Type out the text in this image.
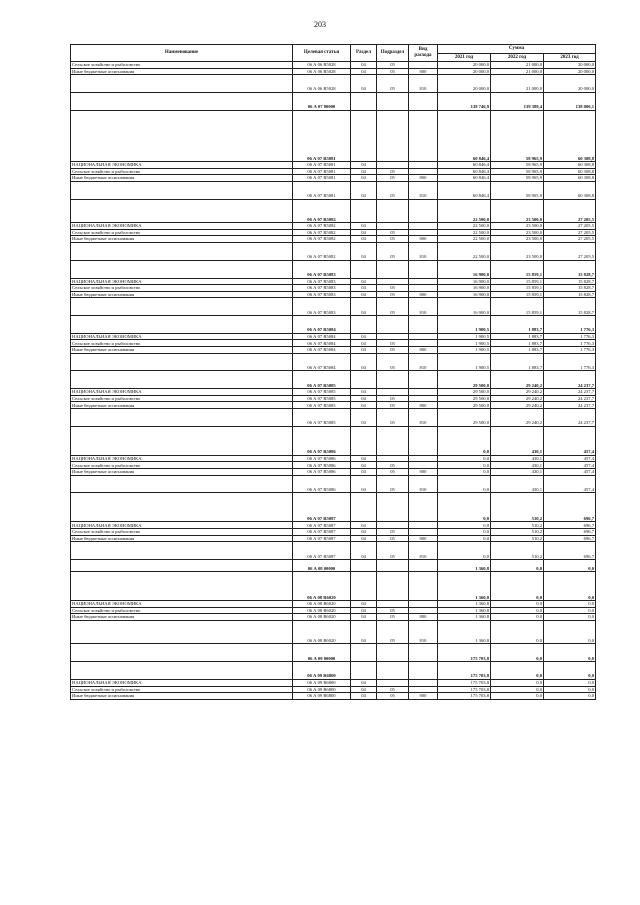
203
Наименование	Целевая статья	Раздел	Подраздел	Вид расхода	Сумма		
					2021 год	2022 год	2023 год
Сельское хозяйство и рыболовство	06 А 06 R5028	04	05		20 000,0	21 000,0	20 000,0
Иные бюджетные ассигнования	06 А 06 R5028	04	05	800	20 000,0	21 000,0	20 000,0
	06 А 06 R5028	04	05	810	20 000,0	21 000,0	20 000,0
	06 А 07 00000				138 746,9	139 389,4	138 006,1
	06 А 07 R5081				60 846,4	58 965,9	60 308,8
НАЦИОНАЛЬНАЯ ЭКОНОМИКА	06 А 07 R5081	04			60 846,4	58 965,9	60 308,8
Сельское хозяйство и рыболовство	06 А 07 R5081	04	05		60 846,4	58 965,9	60 308,8
Иные бюджетные ассигнования	06 А 07 R5081	04	05	800	60 846,4	58 965,9	60 308,8
	06 А 07 R5081	04	05	810	60 846,4	58 965,9	60 308,8
	06 А 07 R5082				22 500,0	23 500,0	27 205,5
НАЦИОНАЛЬНАЯ ЭКОНОМИКА	06 А 07 R5082	04			22 500,0	23 500,0	27 205,5
Сельское хозяйство и рыболовство	06 А 07 R5082	04	05		22 500,0	23 500,0	27 205,5
Иные бюджетные ассигнования	06 А 07 R5082	04	05	800	22 500,0	23 500,0	27 205,5
	06 А 07 R5082	04	05	810	22 500,0	23 500,0	27 205,5
	06 А 07 R5083				16 900,0	15 859,1	15 828,7
НАЦИОНАЛЬНАЯ ЭКОНОМИКА	06 А 07 R5083	04			16 900,0	15 859,1	15 828,7
Сельское хозяйство и рыболовство	06 А 07 R5083	04	05		16 900,0	15 859,1	15 828,7
Иные бюджетные ассигнования	06 А 07 R5083	04	05	800	16 900,0	15 859,1	15 828,7
	06 А 07 R5083	04	05	810	16 900,0	15 859,1	15 828,7
	06 А 07 R5084				1 900,5	1 883,7	1 776,3
НАЦИОНАЛЬНАЯ ЭКОНОМИКА	06 А 07 R5084	04			1 900,5	1 883,7	1 776,3
Сельское хозяйство и рыболовство	06 А 07 R5084	04	05		1 900,5	1 883,7	1 776,3
Иные бюджетные ассигнования	06 А 07 R5084	04	05	800	1 900,5	1 883,7	1 776,3
	06 А 07 R5084	04	05	810	1 900,5	1 883,7	1 776,3
	06 А 07 R5085				29 500,0	29 240,2	24 237,7
НАЦИОНАЛЬНАЯ ЭКОНОМИКА	06 А 07 R5085	04			29 500,0	29 240,2	24 237,7
Сельское хозяйство и рыболовство	06 А 07 R5085	04	05		29 500,0	29 240,2	24 237,7
Иные бюджетные ассигнования	06 А 07 R5085	04	05	800	29 500,0	29 240,2	24 237,7
	06 А 07 R5085	04	05	810	29 500,0	29 240,2	24 237,7
	06 А 07 R5086				0,0	430,1	457,4
НАЦИОНАЛЬНАЯ ЭКОНОМИКА	06 А 07 R5086	04			0,0	430,1	457,4
Сельское хозяйство и рыболовство	06 А 07 R5086	04	05		0,0	430,1	457,4
Иные бюджетные ассигнования	06 А 07 R5086	04	05	800	0,0	430,1	457,4
	06 А 07 R5086	04	05	810	0,0	430,1	457,4
	06 А 07 R5087				0,0	510,2	696,7
НАЦИОНАЛЬНАЯ ЭКОНОМИКА	06 А 07 R5087	04			0,0	510,2	696,7
Сельское хозяйство и рыболовство	06 А 07 R5087	04	05		0,0	510,2	696,7
Иные бюджетные ассигнования	06 А 07 R5087	04	05	800	0,0	510,2	696,7
	06 А 07 R5087	04	05	810	0,0	510,2	696,7
	06 А 08 00000				1 360,8	0,0	0,0
	06 А 08 R6020				1 360,8	0,0	0,0
НАЦИОНАЛЬНАЯ ЭКОНОМИКА	06 А 08 R6020	04			1 360,8	0,0	0,0
Сельское хозяйство и рыболовство	06 А 08 R6020	04	05		1 360,8	0,0	0,0
Иные бюджетные ассигнования	06 А 08 R6020	04	05	800	1 360,8	0,0	0,0
	06 А 08 R6020	04	05	810	1 360,8	0,0	0,0
	06 А 09 00000				175 703,8	0,0	0,0
	06 А 09 R6800				175 703,8	0,0	0,0
НАЦИОНАЛЬНАЯ ЭКОНОМИКА	06 А 09 R6800	04			175 703,8	0,0	0,0
Сельское хозяйство и рыболовство	06 А 09 R6800	04	05		175 703,8	0,0	0,0
Иные бюджетные ассигнования	06 А 09 R6800	04	05	800	175 703,8	0,0	0,0
